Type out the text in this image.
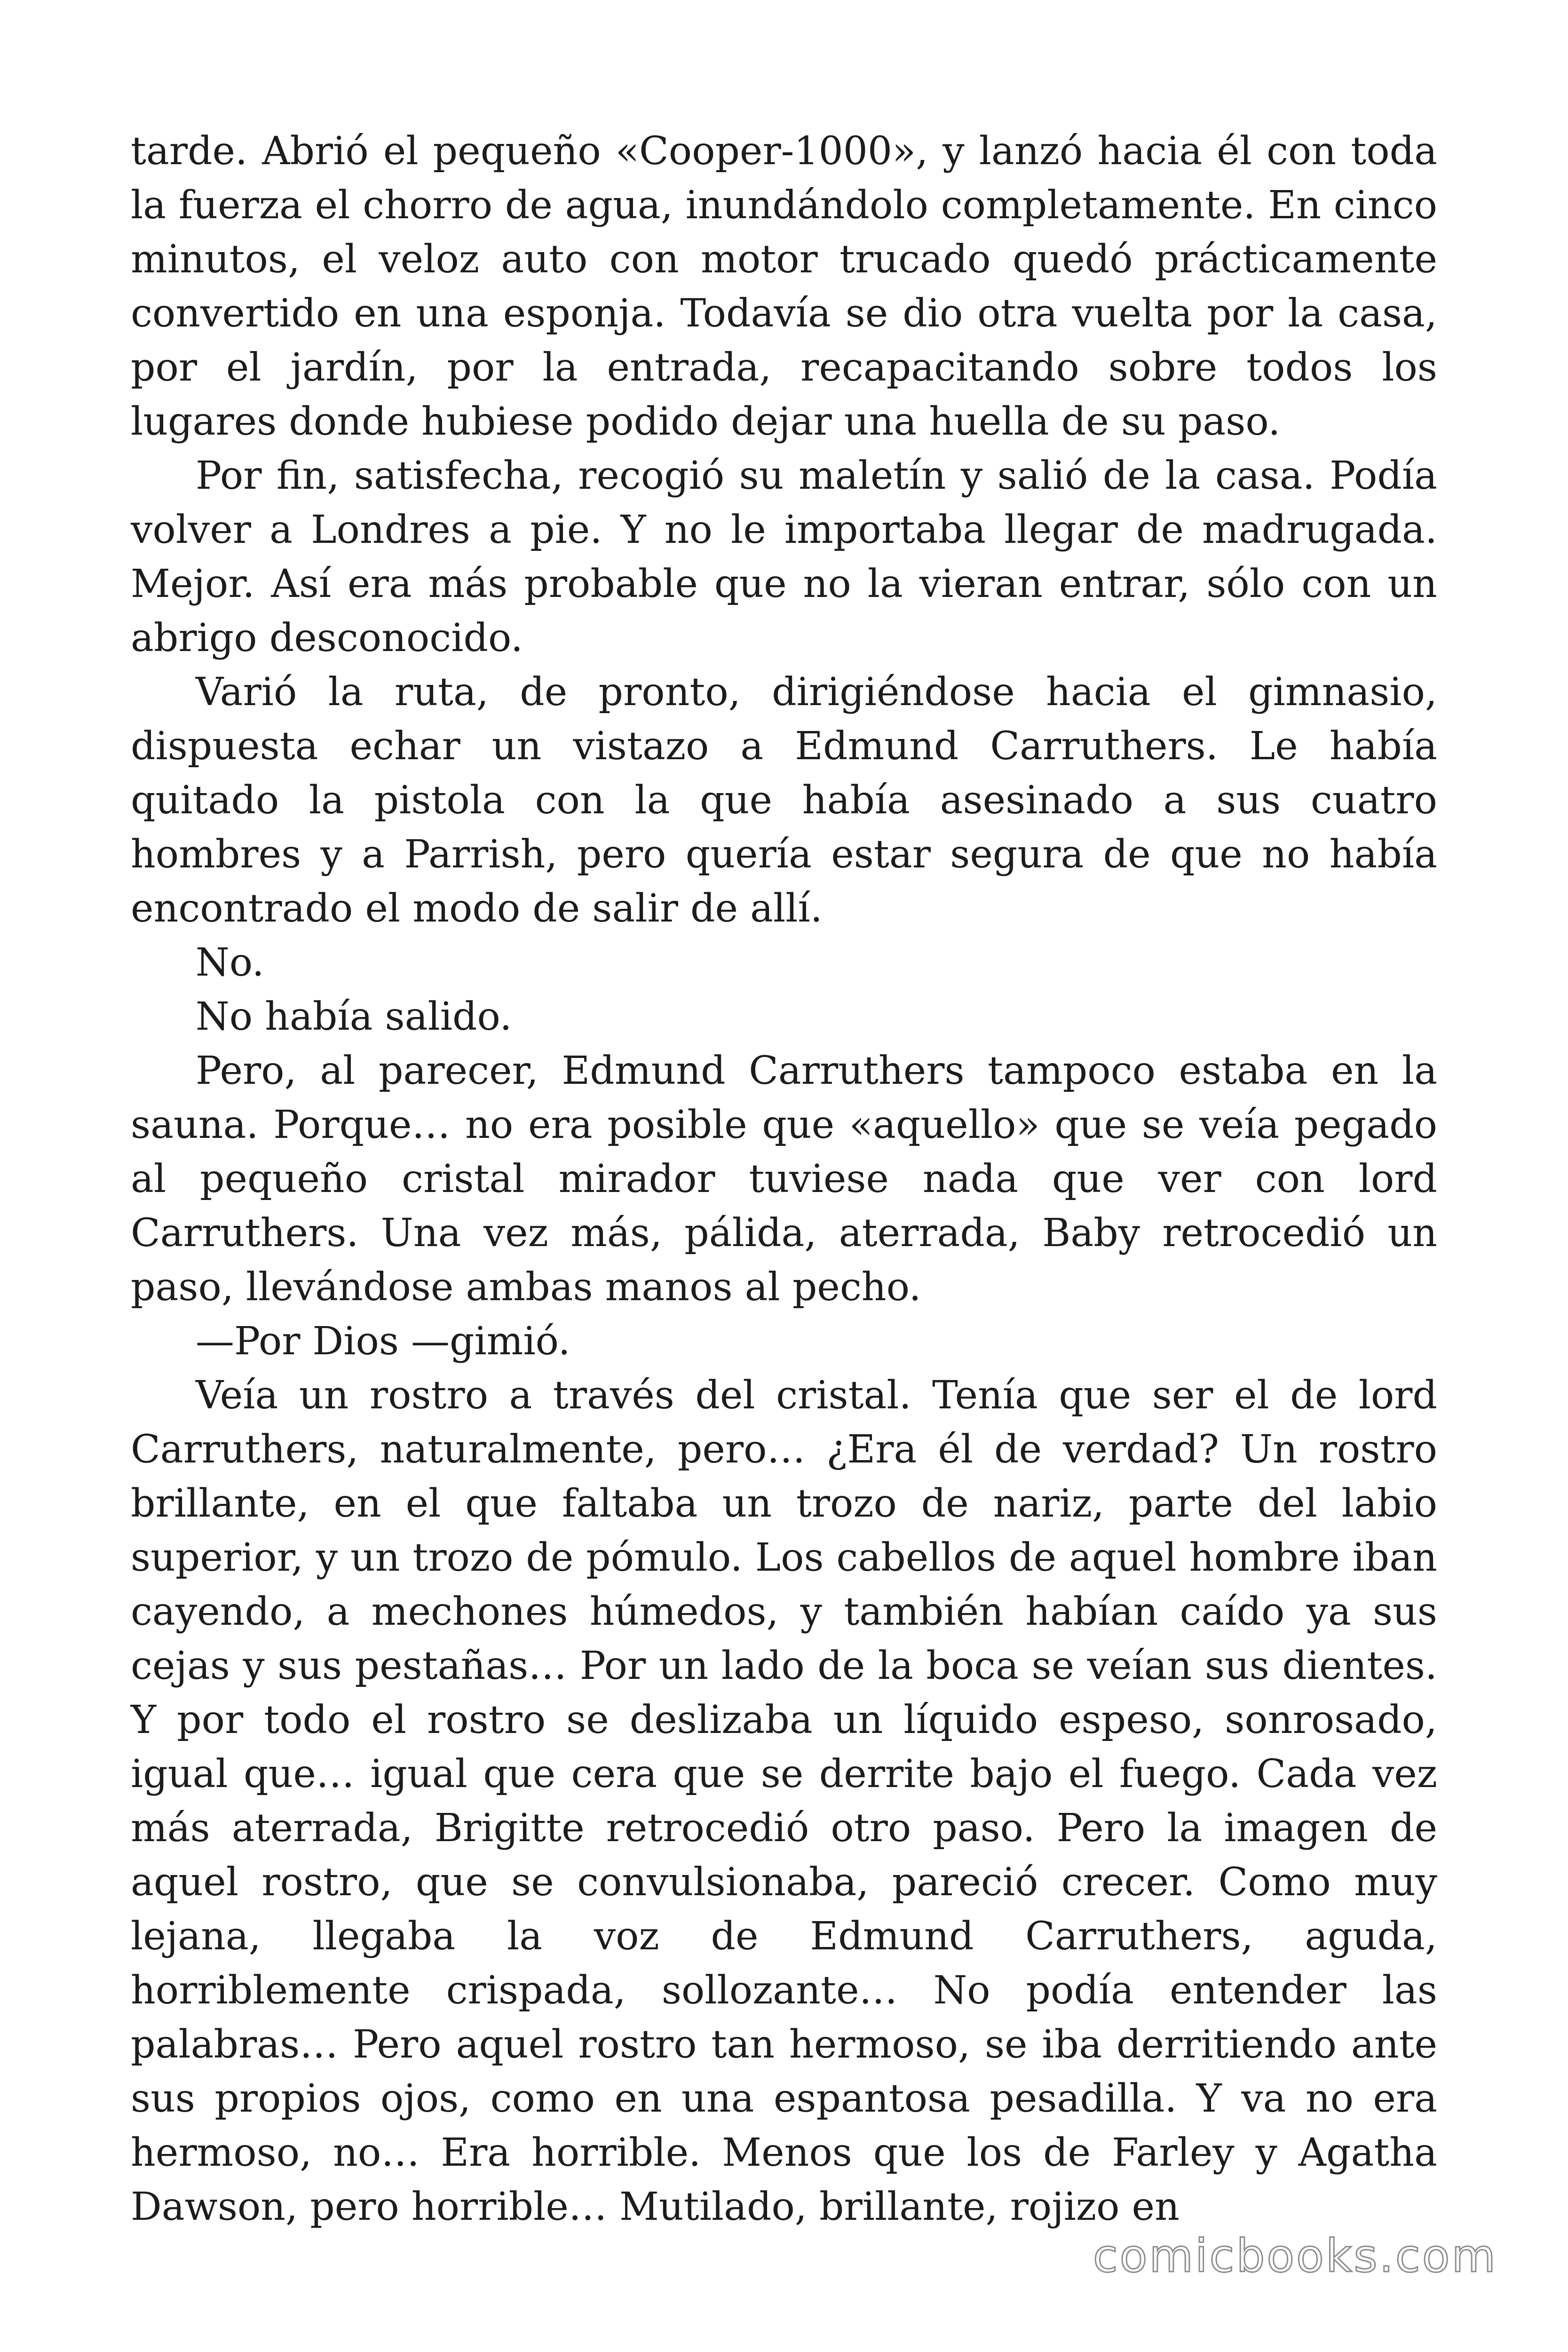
tarde. Abrió el pequeño «Cooper-1000», y lanzó hacia él con toda la fuerza el chorro de agua, inundándolo completamente. En cinco minutos, el veloz auto con motor trucado quedó prácticamente convertido en una esponja. Todavía se dio otra vuelta por la casa, por el jardín, por la entrada, recapacitando sobre todos los lugares donde hubiese podido dejar una huella de su paso.

Por fin, satisfecha, recogió su maletín y salió de la casa. Podía volver a Londres a pie. Y no le importaba llegar de madrugada. Mejor. Así era más probable que no la vieran entrar, sólo con un abrigo desconocido.

Varió la ruta, de pronto, dirigiéndose hacia el gimnasio, dispuesta echar un vistazo a Edmund Carruthers. Le había quitado la pistola con la que había asesinado a sus cuatro hombres y a Parrish, pero quería estar segura de que no había encontrado el modo de salir de allí.

No.

No había salido.

Pero, al parecer, Edmund Carruthers tampoco estaba en la sauna. Porque… no era posible que «aquello» que se veía pegado al pequeño cristal mirador tuviese nada que ver con lord Carruthers. Una vez más, pálida, aterrada, Baby retrocedió un paso, llevándose ambas manos al pecho.

—Por Dios —gimió.

Veía un rostro a través del cristal. Tenía que ser el de lord Carruthers, naturalmente, pero… ¿Era él de verdad? Un rostro brillante, en el que faltaba un trozo de nariz, parte del labio superior, y un trozo de pómulo. Los cabellos de aquel hombre iban cayendo, a mechones húmedos, y también habían caído ya sus cejas y sus pestañas… Por un lado de la boca se veían sus dientes. Y por todo el rostro se deslizaba un líquido espeso, sonrosado, igual que… igual que cera que se derrite bajo el fuego. Cada vez más aterrada, Brigitte retrocedió otro paso. Pero la imagen de aquel rostro, que se convulsionaba, pareció crecer. Como muy lejana, llegaba la voz de Edmund Carruthers, aguda, horriblemente crispada, sollozante… No podía entender las palabras… Pero aquel rostro tan hermoso, se iba derritiendo ante sus propios ojos, como en una espantosa pesadilla. Y va no era hermoso, no… Era horrible. Menos que los de Farley y Agatha Dawson, pero horrible… Mutilado, brillante, rojizo en

comicbooks.com
